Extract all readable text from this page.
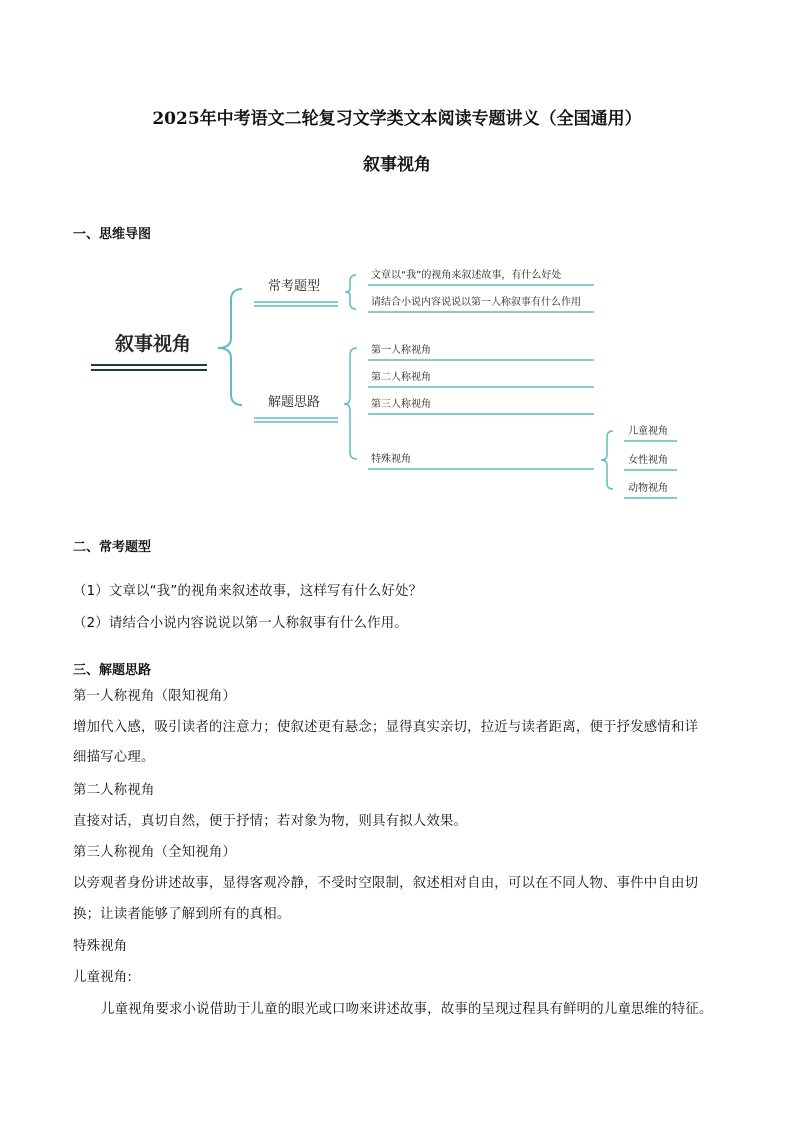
2025年中考语文二轮复习文学类文本阅读专题讲义（全国通用）
叙事视角
一、思维导图
叙事视角
常考题型
文章以“我”的视角来叙述故事，有什么好处
请结合小说内容说说以第一人称叙事有什么作用
解题思路
第一人称视角
第二人称视角
第三人称视角
特殊视角
儿童视角
女性视角
动物视角
二、常考题型
（1）文章以“我”的视角来叙述故事，这样写有什么好处？
（2）请结合小说内容说说以第一人称叙事有什么作用。
三、解题思路
第一人称视角（限知视角）
增加代入感，吸引读者的注意力；使叙述更有悬念；显得真实亲切，拉近与读者距离，便于抒发感情和详
细描写心理。
第二人称视角
直接对话，真切自然，便于抒情；若对象为物，则具有拟人效果。
第三人称视角（全知视角）
以旁观者身份讲述故事，显得客观冷静，不受时空限制，叙述相对自由，可以在不同人物、事件中自由切
换；让读者能够了解到所有的真相。
特殊视角
儿童视角:
儿童视角要求小说借助于儿童的眼光或口吻来讲述故事，故事的呈现过程具有鲜明的儿童思维的特征。
